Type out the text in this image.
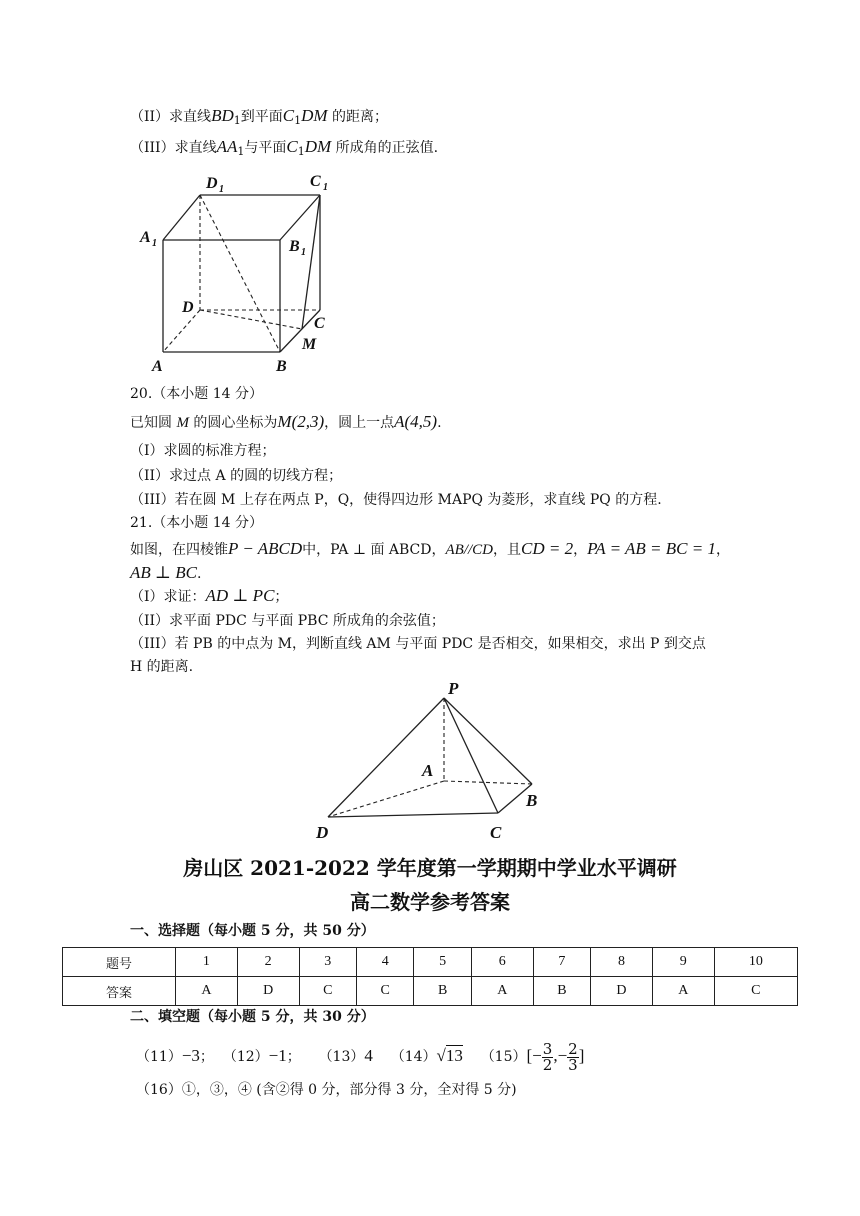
（II）求直线$BD_1$到平面$C_1DM$ 的距离；
（III）求直线$AA_1$与平面$C_1DM$ 所成角的正弦值.
D 1	C 1
A 1	B 1
D
C
M
A	B
20.（本小题 14 分）
已知圆 M 的圆心坐标为M(2,3)，圆上一点A(4,5).
（I）求圆的标准方程；
（II）求过点 A 的圆的切线方程；
（III）若在圆 M 上存在两点 P，Q，使得四边形 MAPQ 为菱形，求直线 PQ 的方程.
21.（本小题 14 分）
如图，在四棱锥P − ABCD中，PA ⊥ 面 ABCD，AB//CD，且CD = 2，PA = AB = BC = 1，
AB ⊥ BC.
（I）求证：AD ⊥ PC；
（II）求平面 PDC 与平面 PBC 所成角的余弦值；
（III）若 PB 的中点为 M，判断直线 AM 与平面 PDC 是否相交，如果相交，求出 P 到交点
H 的距离.
P
A
B
D	C
房山区 2021-2022 学年度第一学期期中学业水平调研
高二数学参考答案
一、选择题（每小题 5 分，共 50 分）
题号	1	2	3	4	5	6	7	8	9	10
答案	A	D	C	C	B	A	B	D	A	C
二、填空题（每小题 5 分，共 30 分）
（11）−3； （12）−1； （13）4 （14）√13 $(15)[- \frac{3}{2}$ ,− $\frac{2}{3}$ ]
（16）①，③，④ (含②得 0 分，部分得 3 分，全对得 5 分)
